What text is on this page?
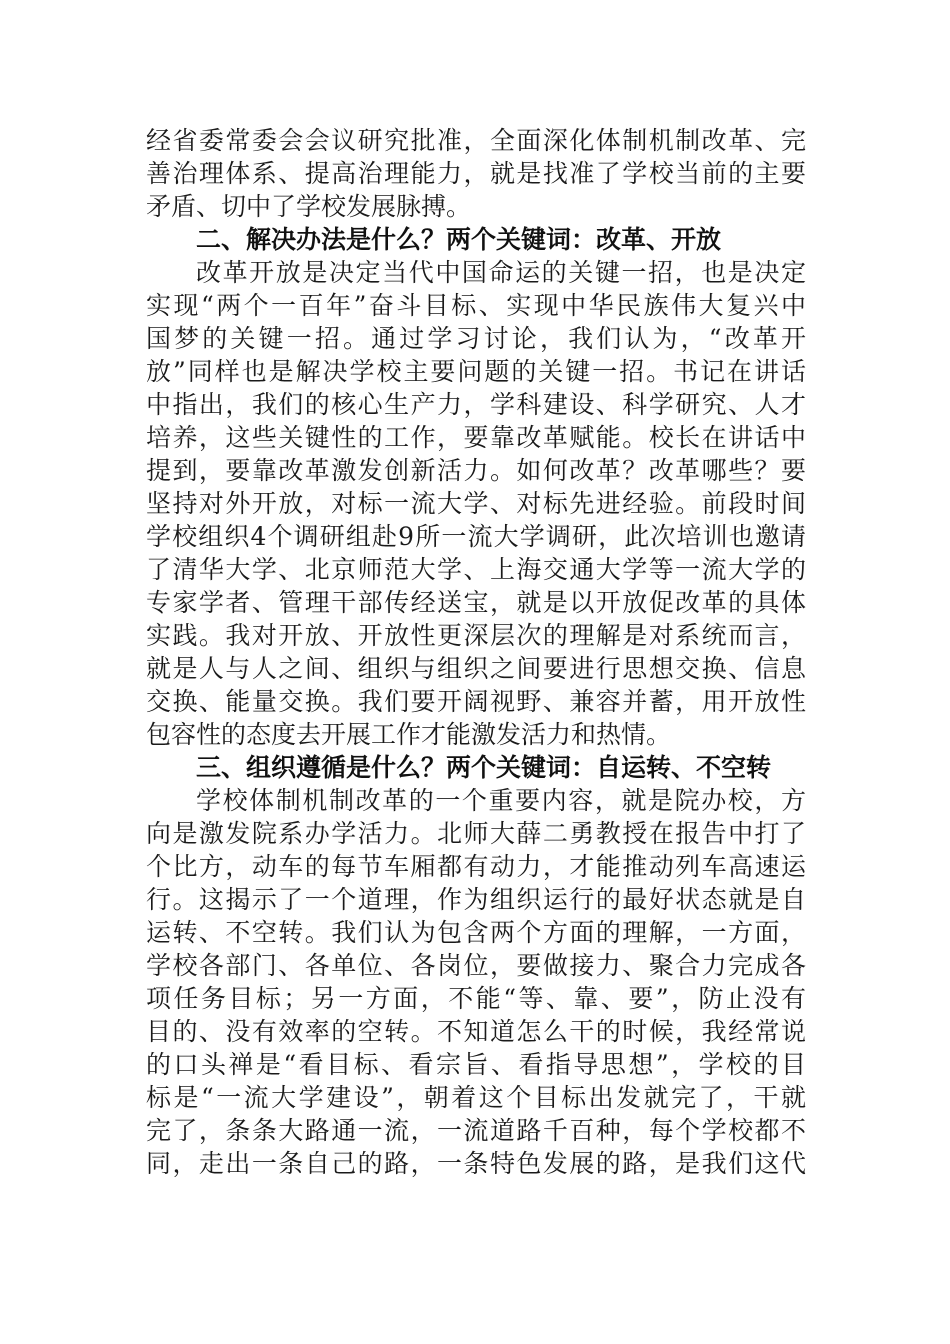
经省委常委会会议研究批准，全面深化体制机制改革、完
善治理体系、提高治理能力，就是找准了学校当前的主要
矛盾、切中了学校发展脉搏。
二、解决办法是什么？两个关键词：改革、开放
改革开放是决定当代中国命运的关键一招，也是决定
实现“两个一百年”奋斗目标、实现中华民族伟大复兴中
国梦的关键一招。通过学习讨论，我们认为，“改革开
放”同样也是解决学校主要问题的关键一招。书记在讲话
中指出，我们的核心生产力，学科建设、科学研究、人才
培养，这些关键性的工作，要靠改革赋能。校长在讲话中
提到，要靠改革激发创新活力。如何改革？改革哪些？要
坚持对外开放，对标一流大学、对标先进经验。前段时间
学校组织4个调研组赴9所一流大学调研，此次培训也邀请
了清华大学、北京师范大学、上海交通大学等一流大学的
专家学者、管理干部传经送宝，就是以开放促改革的具体
实践。我对开放、开放性更深层次的理解是对系统而言，
就是人与人之间、组织与组织之间要进行思想交换、信息
交换、能量交换。我们要开阔视野、兼容并蓄，用开放性
包容性的态度去开展工作才能激发活力和热情。
三、组织遵循是什么？两个关键词：自运转、不空转
学校体制机制改革的一个重要内容，就是院办校，方
向是激发院系办学活力。北师大薛二勇教授在报告中打了
个比方，动车的每节车厢都有动力，才能推动列车高速运
行。这揭示了一个道理，作为组织运行的最好状态就是自
运转、不空转。我们认为包含两个方面的理解，一方面，
学校各部门、各单位、各岗位，要做接力、聚合力完成各
项任务目标；另一方面，不能“等、靠、要”，防止没有
目的、没有效率的空转。不知道怎么干的时候，我经常说
的口头禅是“看目标、看宗旨、看指导思想”，学校的目
标是“一流大学建设”，朝着这个目标出发就完了，干就
完了，条条大路通一流，一流道路千百种，每个学校都不
同，走出一条自己的路，一条特色发展的路，是我们这代
